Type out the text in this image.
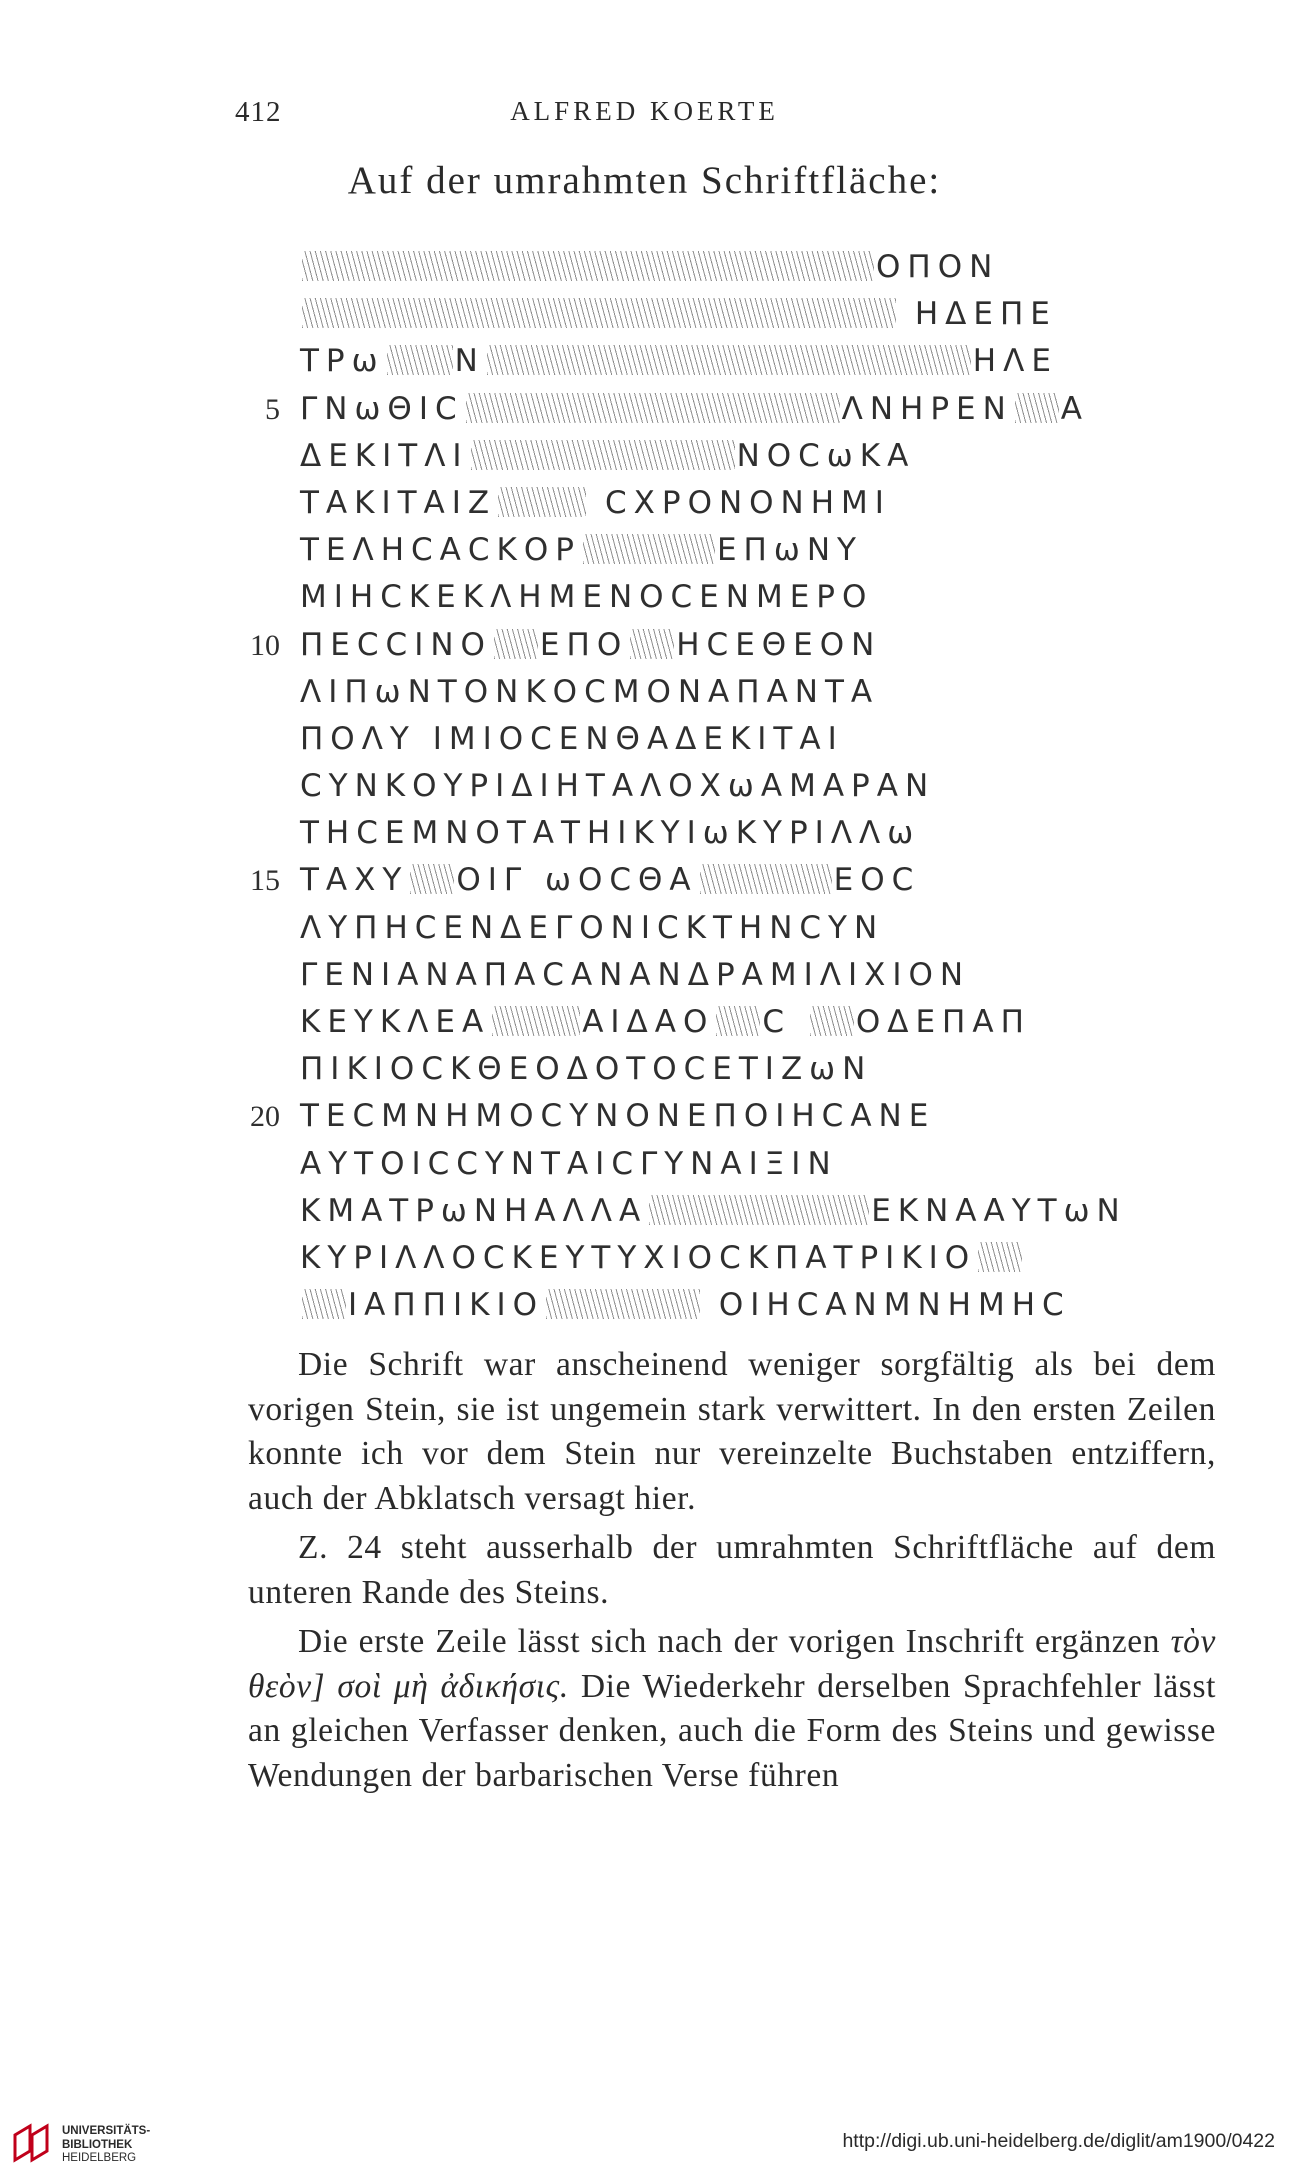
412	ALFRED KOERTE
Auf der umrahmten Schriftfläche:
ΟΠΟΝ
ΗΔΕΠΕ
ΤΡω Ν	ΗΛΕ
5 ΓΝωΘΙC	ΛΝΗΡΕΝ Α
ΔΕΚΙΤΛΙ	ΝΟCωΚΑ
ΤΑΚΙΤΑΙΖ	CΧΡΟΝΟΝΗΜΙ
ΤΕΛΗCΑCΚΟΡ	ΕΠωΝΥ
ΜΙΗCΚΕΚΛΗΜΕΝΟCΕΝΜΕΡΟ
10 ΠΕCCΙΝΟ ΕΠΟ ΗCΕΘΕΟΝ
ΛΙΠωΝΤΟΝΚΟCΜΟΝΑΠΑΝΤΑ
ΠΟΛΥ ΙΜΙΟCΕΝΘΑΔΕΚΙΤΑΙ
CΥΝΚΟΥΡΙΔΙΗΤΑΛΟΧωΑΜΑΡΑΝ
ΤΗCΕΜΝΟΤΑΤΗΙΚΥΙωΚΥΡΙΛΛω
15 ΤΑΧΥ ΟΙΓ ωΟCΘΑ	ΕΟC
ΛΥΠΗCΕΝΔΕΓΟΝΙCΚΤΗΝCΥΝ
ΓΕΝΙΑΝΑΠΑCΑΝΑΝΔΡΑΜΙΛΙΧΙΟΝ
ΚΕΥΚΛΕΑ	ΑΙΔΑΟ C ΟΔΕΠΑΠ
ΠΙΚΙΟCΚΘΕΟΔΟΤΟCΕΤΙΖωΝ
20 ΤΕCΜΝΗΜΟCΥΝΟΝΕΠΟΙΗCΑΝΕ
ΑΥΤΟΙCCΥΝΤΑΙCΓΥΝΑΙΞΙΝ
ΚΜΑΤΡωΝΗΑΛΛΑ	ΕΚΝΑΑΥΤωΝ
ΚΥΡΙΛΛΟCΚΕΥΤΥΧΙΟCΚΠΑΤΡΙΚΙΟ
ΙΑΠΠΙΚΙΟ	ΟΙΗCΑΝΜΝΗΜΗC

Die Schrift war anscheinend weniger sorgfältig als bei dem vorigen Stein, sie ist ungemein stark verwittert. In den ersten Zeilen konnte ich vor dem Stein nur vereinzelte Buchstaben entziffern, auch der Abklatsch versagt hier.

Z. 24 steht ausserhalb der umrahmten Schriftfläche auf dem unteren Rande des Steins.

Die erste Zeile lässt sich nach der vorigen Inschrift ergänzen τὸν θεὸν] σοὶ μὴ ἀδικήσις. Die Wiederkehr derselben Sprachfehler lässt an gleichen Verfasser denken, auch die Form des Steins und gewisse Wendungen der barbarischen Verse führen

UNIVERSITÄTS-
BIBLIOTHEK
HEIDELBERG
http://digi.ub.uni-heidelberg.de/diglit/am1900/0422
